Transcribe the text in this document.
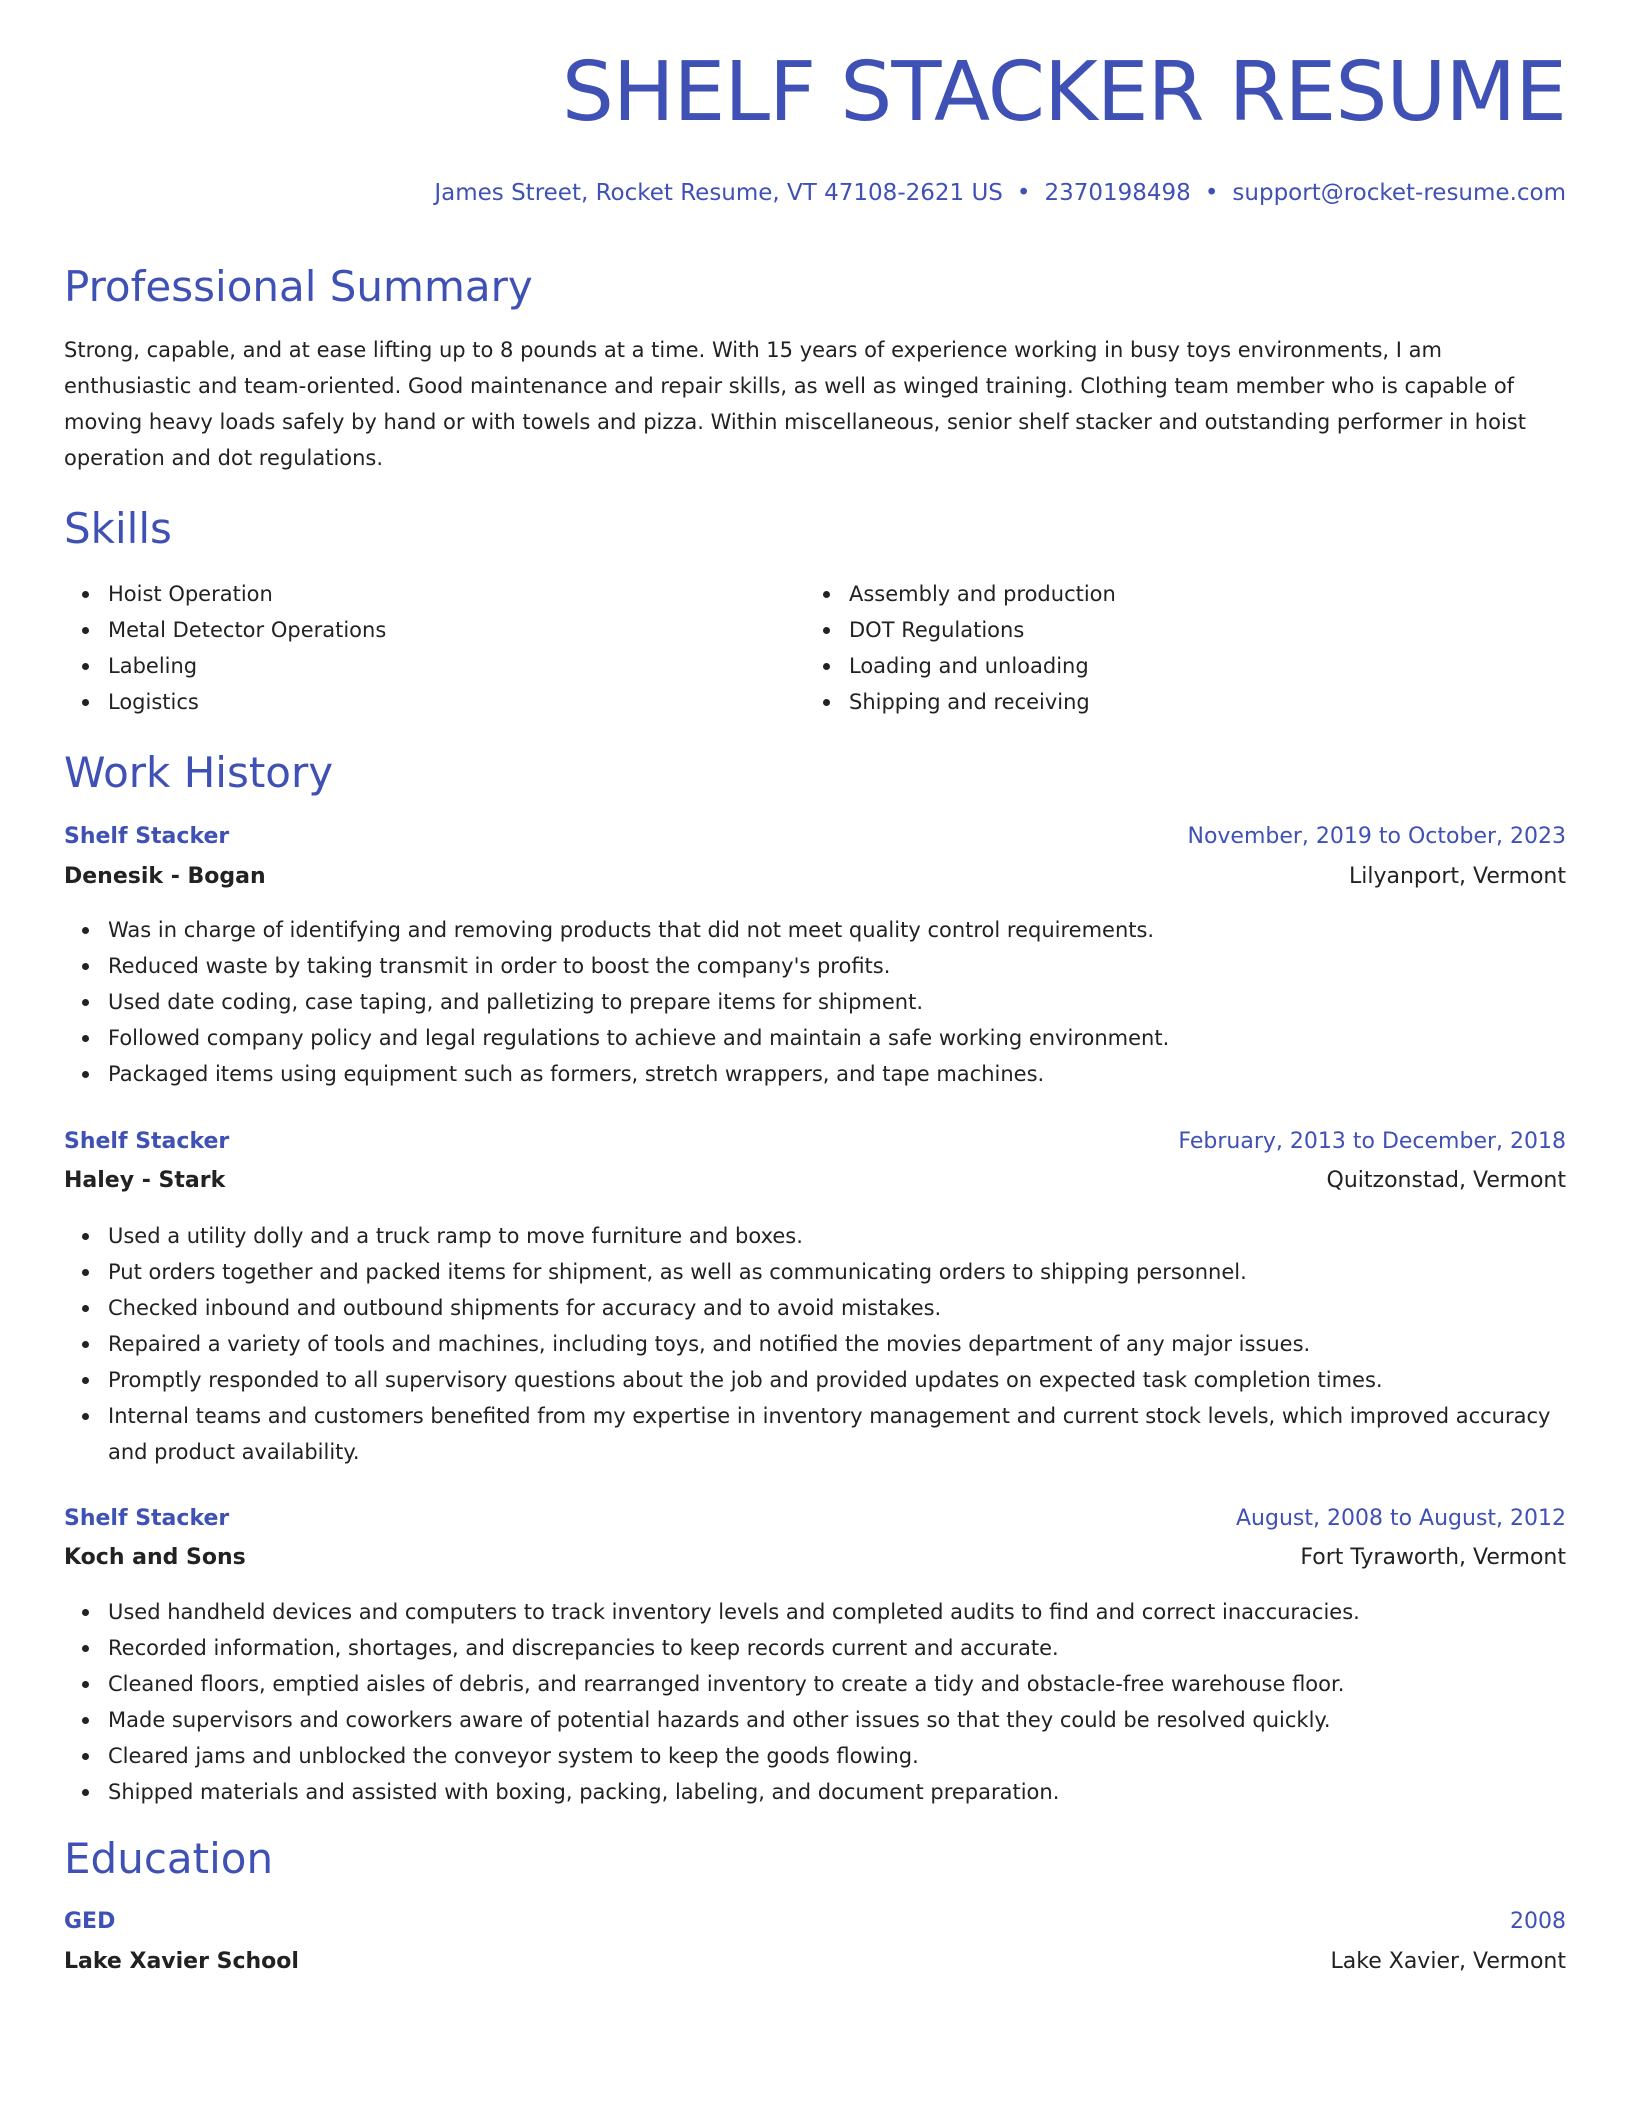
SHELF STACKER RESUME
James Street, Rocket Resume, VT 47108-2621 US • 2370198498 • support@rocket-resume.com
Professional Summary

Strong, capable, and at ease lifting up to 8 pounds at a time. With 15 years of experience working in busy toys environments, I am enthusiastic and team-oriented. Good maintenance and repair skills, as well as winged training. Clothing team member who is capable of moving heavy loads safely by hand or with towels and pizza. Within miscellaneous, senior shelf stacker and outstanding performer in hoist operation and dot regulations.

Skills
Hoist Operation
Metal Detector Operations
Labeling
Logistics
Assembly and production
DOT Regulations
Loading and unloading
Shipping and receiving
Work History
Shelf Stacker	November, 2019 to October, 2023
Denesik - Bogan	Lilyanport, Vermont
Was in charge of identifying and removing products that did not meet quality control requirements.
Reduced waste by taking transmit in order to boost the company's profits.
Used date coding, case taping, and palletizing to prepare items for shipment.
Followed company policy and legal regulations to achieve and maintain a safe working environment.
Packaged items using equipment such as formers, stretch wrappers, and tape machines.
Shelf Stacker	February, 2013 to December, 2018
Haley - Stark	Quitzonstad, Vermont
Used a utility dolly and a truck ramp to move furniture and boxes.
Put orders together and packed items for shipment, as well as communicating orders to shipping personnel.
Checked inbound and outbound shipments for accuracy and to avoid mistakes.
Repaired a variety of tools and machines, including toys, and notified the movies department of any major issues.
Promptly responded to all supervisory questions about the job and provided updates on expected task completion times.
Internal teams and customers benefited from my expertise in inventory management and current stock levels, which improved accuracy and product availability.
Shelf Stacker	August, 2008 to August, 2012
Koch and Sons	Fort Tyraworth, Vermont
Used handheld devices and computers to track inventory levels and completed audits to find and correct inaccuracies.
Recorded information, shortages, and discrepancies to keep records current and accurate.
Cleaned floors, emptied aisles of debris, and rearranged inventory to create a tidy and obstacle-free warehouse floor.
Made supervisors and coworkers aware of potential hazards and other issues so that they could be resolved quickly.
Cleared jams and unblocked the conveyor system to keep the goods flowing.
Shipped materials and assisted with boxing, packing, labeling, and document preparation.
Education
GED	2008
Lake Xavier School	Lake Xavier, Vermont
